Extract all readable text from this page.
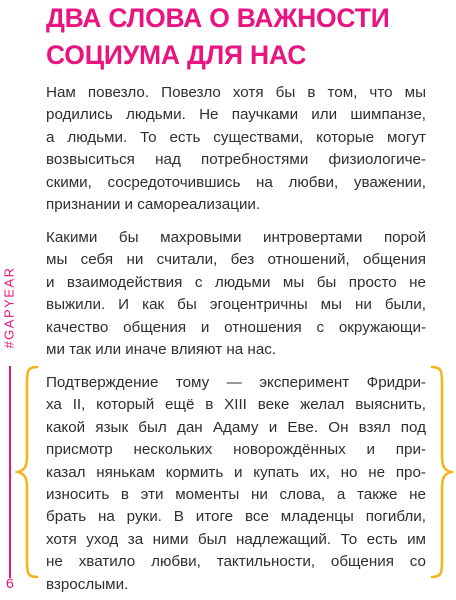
ДВА СЛОВА О ВАЖНОСТИ
СОЦИУМА ДЛЯ НАС
Нам повезло. Повезло хотя бы в том, что мы
родились людьми. Не паучками или шимпанзе,
а людьми. То есть существами, которые могут
возвыситься над потребностями физиологиче-
скими, сосредоточившись на любви, уважении,
признании и самореализации.
Какими бы махровыми интровертами порой
мы себя ни считали, без отношений, общения
и взаимодействия с людьми мы бы просто не
выжили. И как бы эгоцентричны мы ни были,
качество общения и отношения с окружающи-
ми так или иначе влияют на нас.
Подтверждение тому — эксперимент Фридри-
ха II, который ещё в XIII веке желал выяснить,
какой язык был дан Адаму и Еве. Он взял под
присмотр нескольких новорождённых и при-
казал нянькам кормить и купать их, но не про-
износить в эти моменты ни слова, а также не
брать на руки. В итоге все младенцы погибли,
хотя уход за ними был надлежащий. То есть им
не хватило любви, тактильности, общения со
взрослыми.
#GAPYEAR
6
